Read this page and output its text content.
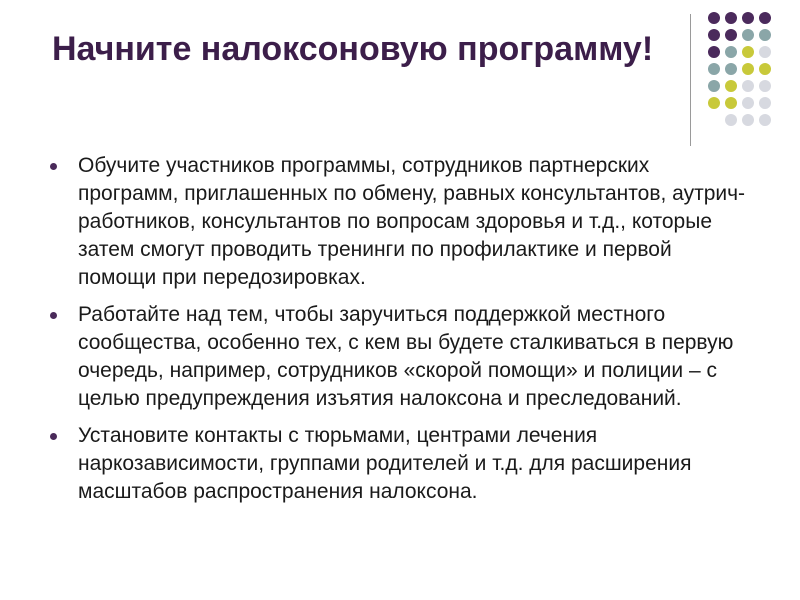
Начните налоксоновую программу!
Обучите участников программы, сотрудников партнерских программ, приглашенных по обмену, равных консультантов, аутрич-работников, консультантов по вопросам здоровья и т.д., которые затем смогут проводить тренинги по профилактике и первой помощи при передозировках.
Работайте над тем, чтобы заручиться поддержкой местного сообщества, особенно тех, с кем вы будете сталкиваться в первую очередь, например, сотрудников «скорой помощи» и полиции – с целью предупреждения изъятия налоксона и преследований.
Установите контакты с тюрьмами, центрами лечения наркозависимости, группами родителей и т.д. для расширения масштабов распространения налоксона.
